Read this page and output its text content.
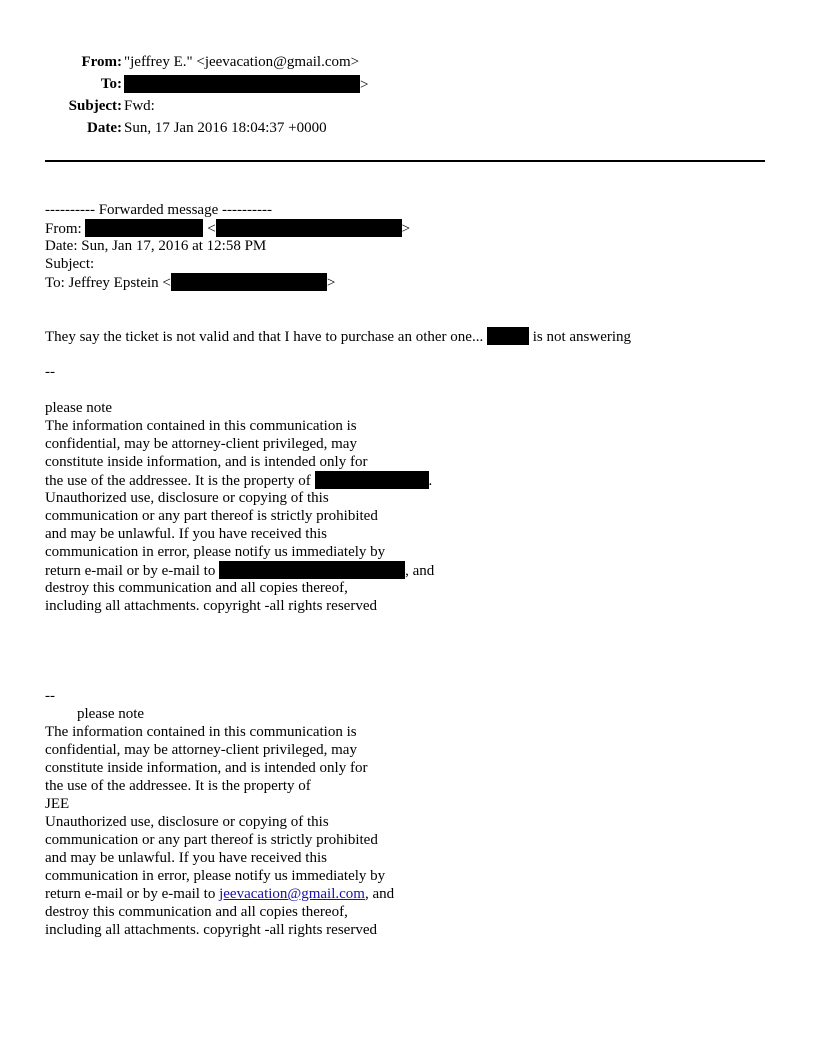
From: "jeffrey E." <jeevacation@gmail.com>
To:	>
Subject: Fwd:
Date: Sun, 17 Jan 2016 18:04:37 +0000
---------- Forwarded message ----------
From:	<	>
Date: Sun, Jan 17, 2016 at 12:58 PM
Subject:
To: Jeffrey Epstein <	>
They say the ticket is not valid and that I have to purchase an other one...	is not answering
--
please note
The information contained in this communication is
confidential, may be attorney-client privileged, may
constitute inside information, and is intended only for
the use of the addressee. It is the property of	.
Unauthorized use, disclosure or copying of this
communication or any part thereof is strictly prohibited
and may be unlawful. If you have received this
communication in error, please notify us immediately by
return e-mail or by e-mail to	, and
destroy this communication and all copies thereof,
including all attachments. copyright -all rights reserved
--
please note
The information contained in this communication is
confidential, may be attorney-client privileged, may
constitute inside information, and is intended only for
the use of the addressee. It is the property of
JEE
Unauthorized use, disclosure or copying of this
communication or any part thereof is strictly prohibited
and may be unlawful. If you have received this
communication in error, please notify us immediately by
return e-mail or by e-mail to jeevacation@gmail.com, and
destroy this communication and all copies thereof,
including all attachments. copyright -all rights reserved
